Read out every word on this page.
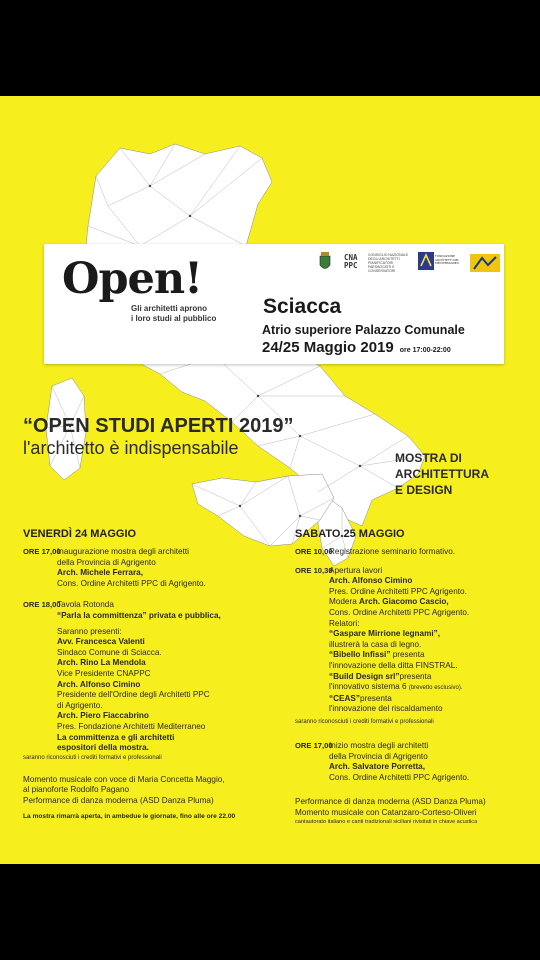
Open!
Gli architetti aprono
i loro studi al pubblico
CNA
PPC
CONSIGLIO NAZIONALE DEGLI ARCHITETTI PIANIFICATORI PAESAGGISTI E CONSERVATORI
FONDAZIONE ARCHITETTI NEL MEDITERRANEO
Sciacca
Atrio superiore Palazzo Comunale
24/25 Maggio 2019 ore 17:00-22:00
“OPEN STUDI APERTI 2019”
l'architetto è indispensabile	MOSTRA DI
ARCHITETTURA
E DESIGN
VENERDÌ 24 MAGGIO
ORE 17,00
Inaugurazione mostra degli architetti
della Provincia di Agrigento
Arch. Michele Ferrara,
Cons. Ordine Architetti PPC di Agrigento.
ORE 18,00
Tavola Rotonda
“Parla la committenza” privata e pubblica,
Saranno presenti:
Avv. Francesca Valenti
Sindaco Comune di Sciacca.
Arch. Rino La Mendola
Vice Presidente CNAPPC
Arch. Alfonso Cimino
Presidente dell'Ordine degli Architetti PPC
di Agrigento.
Arch. Piero Fiaccabrino
Pres. Fondazione Architetti Mediterraneo
La committenza e gli architetti
espositori della mostra.
saranno riconosciuti i crediti formativi e professionali
Momento musicale con voce di Maria Concetta Maggio,
al pianoforte Rodolfo Pagano
Performance di danza moderna (ASD Danza Pluma)
La mostra rimarrà aperta, in ambedue le giornate, fino alle ore 22.00
SABATO 25 MAGGIO
ORE 10,00
Registrazione seminario formativo.
ORE 10,30
Apertura lavori
Arch. Alfonso Cimino
Pres. Ordine Architetti PPC Agrigento.
Modera Arch. Giacomo Cascio,
Cons. Ordine Architetti PPC Agrigento.
Relatori:
“Gaspare Mirrione legnami”,
illustrerà la casa di legno.
“Bibello Infissi” presenta
l'innovazione della ditta FINSTRAL.
“Build Design srl”presenta
l'innovativo sistema 6 (brevetto esclusivo).
“CEAS”presenta
l'innovazione del riscaldamento
saranno riconosciuti i crediti formativi e professionali
ORE 17,00
Inizio mostra degli architetti
della Provincia di Agrigento
Arch. Salvatore Porretta,
Cons. Ordine Architetti PPC Agrigento.
Performance di danza moderna (ASD Danza Pluma)
Momento musicale con Catanzaro-Corteso-Oliveri
cantautorato italiano e canti tradizionali siciliani rivisitati in chiave acustica
